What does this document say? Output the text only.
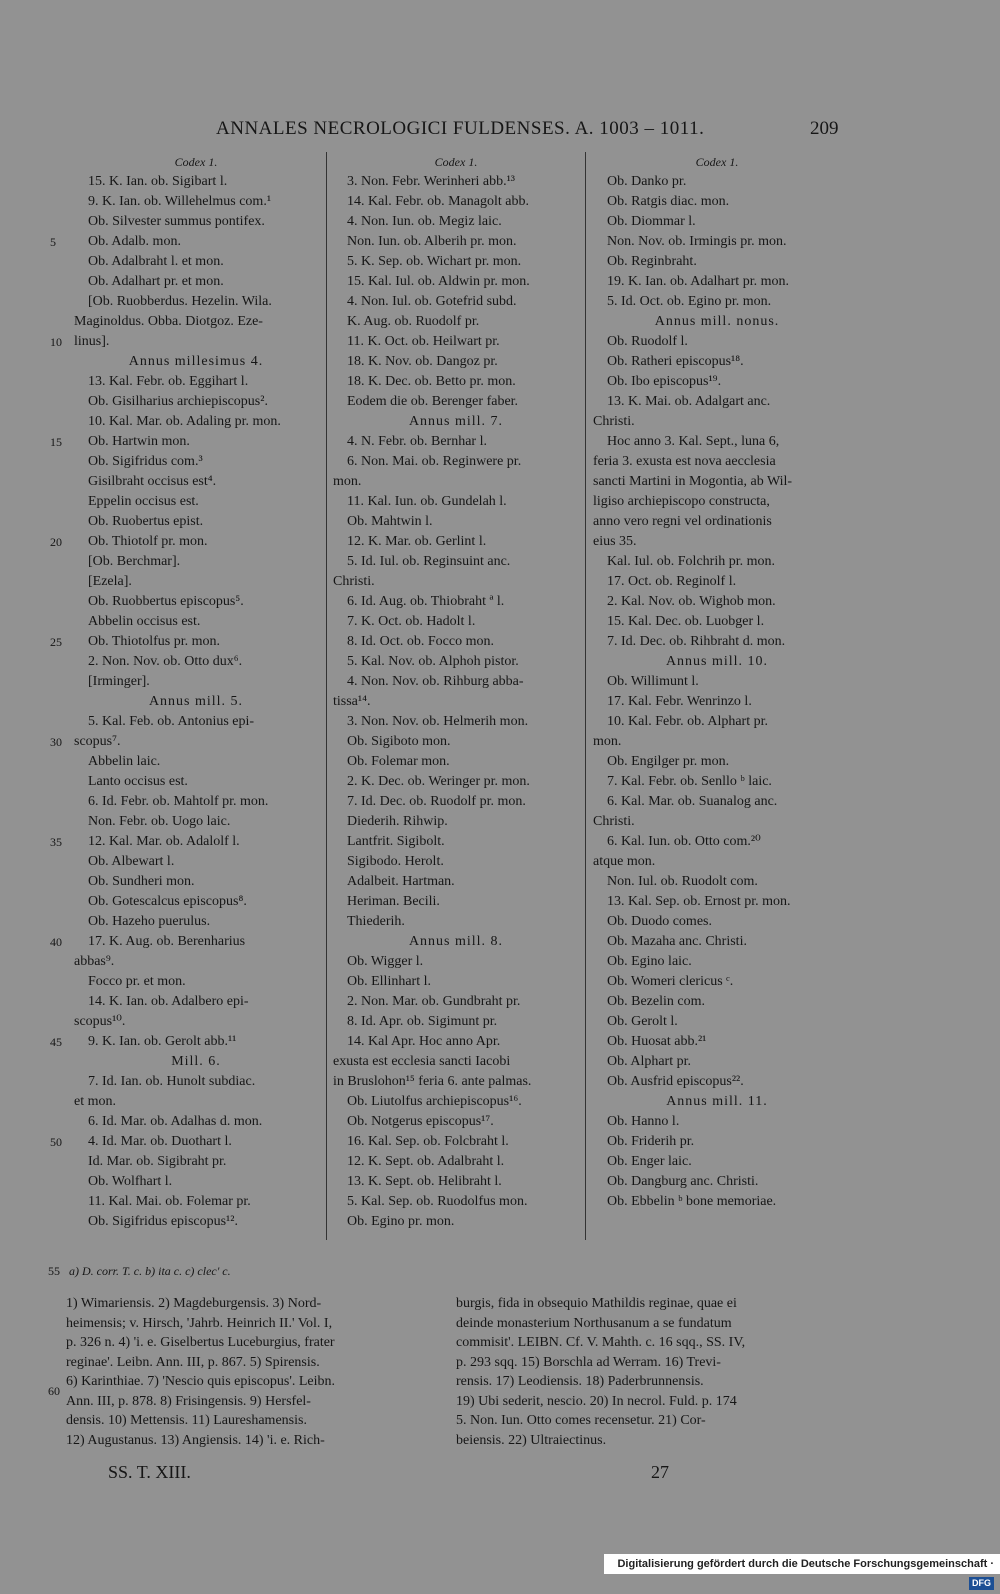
ANNALES NECROLOGICI FULDENSES. A. 1003 – 1011.	209
Codex 1.
15. K. Ian. ob. Sigibart l.
9. K. Ian. ob. Willehelmus com.¹
Ob. Silvester summus pontifex.
Ob. Adalb. mon.
Ob. Adalbraht l. et mon.
Ob. Adalhart pr. et mon.
[Ob. Ruobberdus. Hezelin. Wila.
Maginoldus. Obba. Diotgoz. Eze-
linus].
Annus millesimus 4.
13. Kal. Febr. ob. Eggihart l.
Ob. Gisilharius archiepiscopus².
10. Kal. Mar. ob. Adaling pr. mon.
Ob. Hartwin mon.
Ob. Sigifridus com.³
Gisilbraht occisus est⁴.
Eppelin occisus est.
Ob. Ruobertus epist.
Ob. Thiotolf pr. mon.
[Ob. Berchmar].
[Ezela].
Ob. Ruobbertus episcopus⁵.
Abbelin occisus est.
Ob. Thiotolfus pr. mon.
2. Non. Nov. ob. Otto dux⁶.
[Irminger].
Annus mill. 5.
5. Kal. Feb. ob. Antonius epi-
scopus⁷.
Abbelin laic.
Lanto occisus est.
6. Id. Febr. ob. Mahtolf pr. mon.
Non. Febr. ob. Uogo laic.
12. Kal. Mar. ob. Adalolf l.
Ob. Albewart l.
Ob. Sundheri mon.
Ob. Gotescalcus episcopus⁸.
Ob. Hazeho puerulus.
17. K. Aug. ob. Berenharius
abbas⁹.
Focco pr. et mon.
14. K. Ian. ob. Adalbero epi-
scopus¹⁰.
9. K. Ian. ob. Gerolt abb.¹¹
Mill. 6.
7. Id. Ian. ob. Hunolt subdiac.
et mon.
6. Id. Mar. ob. Adalhas d. mon.
4. Id. Mar. ob. Duothart l.
Id. Mar. ob. Sigibraht pr.
Ob. Wolfhart l.
11. Kal. Mai. ob. Folemar pr.
Ob. Sigifridus episcopus¹².
Codex 1.
3. Non. Febr. Werinheri abb.¹³
14. Kal. Febr. ob. Managolt abb.
4. Non. Iun. ob. Megiz laic.
Non. Iun. ob. Alberih pr. mon.
5. K. Sep. ob. Wichart pr. mon.
15. Kal. Iul. ob. Aldwin pr. mon.
4. Non. Iul. ob. Gotefrid subd.
K. Aug. ob. Ruodolf pr.
11. K. Oct. ob. Heilwart pr.
18. K. Nov. ob. Dangoz pr.
18. K. Dec. ob. Betto pr. mon.
Eodem die ob. Berenger faber.
Annus mill. 7.
4. N. Febr. ob. Bernhar l.
6. Non. Mai. ob. Reginwere pr.
mon.
11. Kal. Iun. ob. Gundelah l.
Ob. Mahtwin l.
12. K. Mar. ob. Gerlint l.
5. Id. Iul. ob. Reginsuint anc.
Christi.
6. Id. Aug. ob. Thiobraht ª l.
7. K. Oct. ob. Hadolt l.
8. Id. Oct. ob. Focco mon.
5. Kal. Nov. ob. Alphoh pistor.
4. Non. Nov. ob. Rihburg abba-
tissa¹⁴.
3. Non. Nov. ob. Helmerih mon.
Ob. Sigiboto mon.
Ob. Folemar mon.
2. K. Dec. ob. Weringer pr. mon.
7. Id. Dec. ob. Ruodolf pr. mon.
Diederih. Rihwip.
Lantfrit. Sigibolt.
Sigibodo. Herolt.
Adalbeit. Hartman.
Heriman. Becili.
Thiederih.
Annus mill. 8.
Ob. Wigger l.
Ob. Ellinhart l.
2. Non. Mar. ob. Gundbraht pr.
8. Id. Apr. ob. Sigimunt pr.
14. Kal Apr. Hoc anno Apr.
exusta est ecclesia sancti Iacobi
in Bruslohon¹⁵ feria 6. ante palmas.
Ob. Liutolfus archiepiscopus¹⁶.
Ob. Notgerus episcopus¹⁷.
16. Kal. Sep. ob. Folcbraht l.
12. K. Sept. ob. Adalbraht l.
13. K. Sept. ob. Helibraht l.
5. Kal. Sep. ob. Ruodolfus mon.
Ob. Egino pr. mon.
Codex 1.
Ob. Danko pr.
Ob. Ratgis diac. mon.
Ob. Diommar l.
Non. Nov. ob. Irmingis pr. mon.
Ob. Reginbraht.
19. K. Ian. ob. Adalhart pr. mon.
5. Id. Oct. ob. Egino pr. mon.
Annus mill. nonus.
Ob. Ruodolf l.
Ob. Ratheri episcopus¹⁸.
Ob. Ibo episcopus¹⁹.
13. K. Mai. ob. Adalgart anc.
Christi.
Hoc anno 3. Kal. Sept., luna 6,
feria 3. exusta est nova aecclesia
sancti Martini in Mogontia, ab Wil-
ligiso archiepiscopo constructa,
anno vero regni vel ordinationis
eius 35.
Kal. Iul. ob. Folchrih pr. mon.
17. Oct. ob. Reginolf l.
2. Kal. Nov. ob. Wighob mon.
15. Kal. Dec. ob. Luobger l.
7. Id. Dec. ob. Rihbraht d. mon.
Annus mill. 10.
Ob. Willimunt l.
17. Kal. Febr. Wenrinzo l.
10. Kal. Febr. ob. Alphart pr.
mon.
Ob. Engilger pr. mon.
7. Kal. Febr. ob. Senllo ᵇ laic.
6. Kal. Mar. ob. Suanalog anc.
Christi.
6. Kal. Iun. ob. Otto com.²⁰
atque mon.
Non. Iul. ob. Ruodolt com.
13. Kal. Sep. ob. Ernost pr. mon.
Ob. Duodo comes.
Ob. Mazaha anc. Christi.
Ob. Egino laic.
Ob. Womeri clericus ᶜ.
Ob. Bezelin com.
Ob. Gerolt l.
Ob. Huosat abb.²¹
Ob. Alphart pr.
Ob. Ausfrid episcopus²².
Annus mill. 11.
Ob. Hanno l.
Ob. Friderih pr.
Ob. Enger laic.
Ob. Dangburg anc. Christi.
Ob. Ebbelin ᵇ bone memoriae.
5
10
15
20
25
30
35
40
45
50
55 a) D. corr. T. c. b) ita c. c) clec' c.
1) Wimariensis. 2) Magdeburgensis. 3) Nord-
heimensis; v. Hirsch, 'Jahrb. Heinrich II.' Vol. I,
p. 326 n. 4) 'i. e. Giselbertus Luceburgius, frater
reginae'. Leibn. Ann. III, p. 867. 5) Spirensis.
6) Karinthiae. 7) 'Nescio quis episcopus'. Leibn.
Ann. III, p. 878. 8) Frisingensis. 9) Hersfel-
densis. 10) Mettensis. 11) Laureshamensis.
12) Augustanus. 13) Angiensis. 14) 'i. e. Rich-
burgis, fida in obsequio Mathildis reginae, quae ei
deinde monasterium Northusanum a se fundatum
commisit'. LEIBN. Cf. V. Mahth. c. 16 sqq., SS. IV,
p. 293 sqq. 15) Borschla ad Werram. 16) Trevi-
rensis. 17) Leodiensis. 18) Paderbrunnensis.
19) Ubi sederit, nescio. 20) In necrol. Fuld. p. 174
5. Non. Iun. Otto comes recensetur. 21) Cor-
beiensis. 22) Ultraiectinus.
60
SS. T. XIII.	27
Digitalisierung gefördert durch die Deutsche Forschungsgemeinschaft ·DFG
